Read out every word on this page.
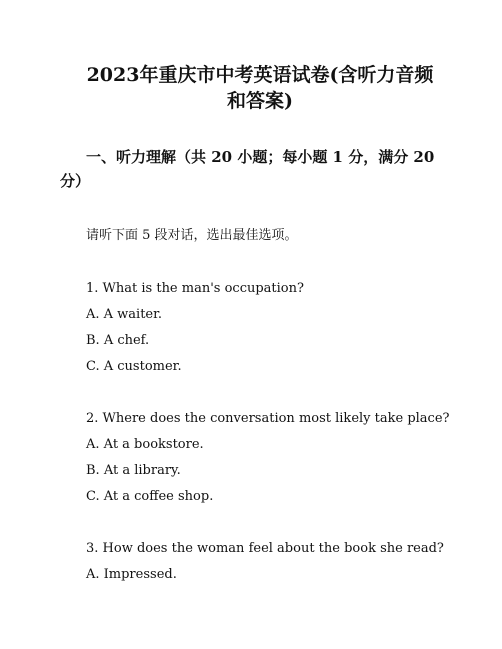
2023年重庆市中考英语试卷(含听力音频
和答案)
一、听力理解（共 20 小题；每小题 1 分，满分 20
分）
请听下面 5 段对话，选出最佳选项。
1. What is the man's occupation?
A. A waiter.
B. A chef.
C. A customer.
2. Where does the conversation most likely take place?
A. At a bookstore.
B. At a library.
C. At a coffee shop.
3. How does the woman feel about the book she read?
A. Impressed.
